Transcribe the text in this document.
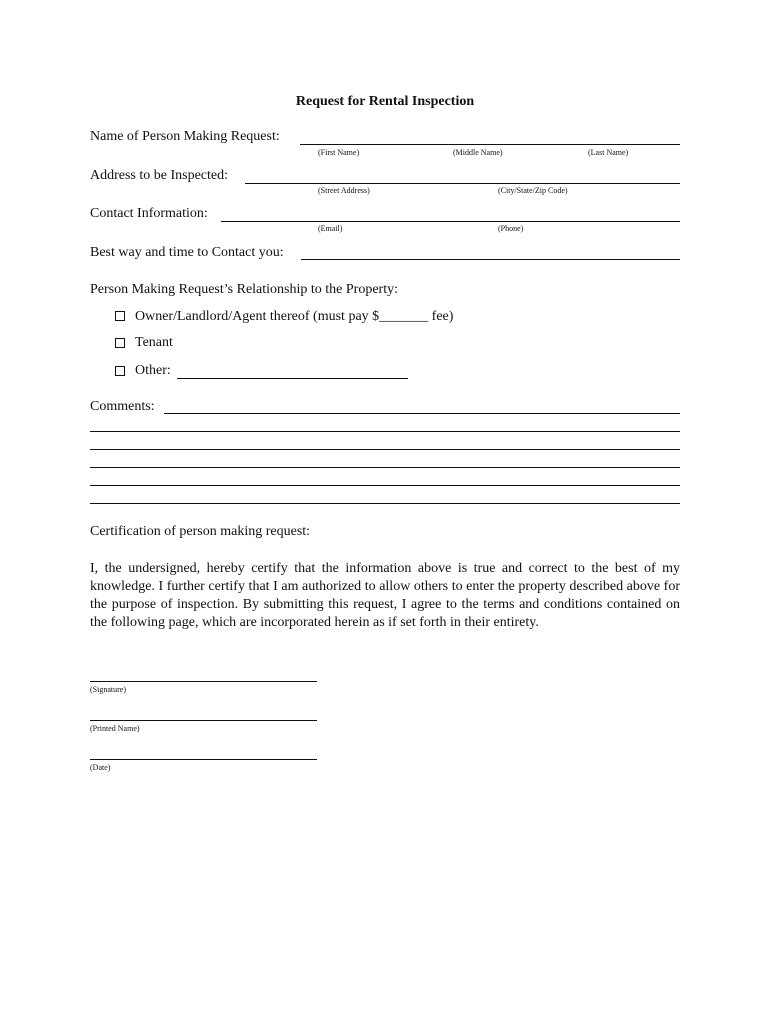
Request for Rental Inspection
Name of Person Making Request:
(First Name)	(Middle Name)	(Last Name)
Address to be Inspected:
(Street Address)	(City/State/Zip Code)
Contact Information:
(Email)	(Phone)
Best way and time to Contact you:
Person Making Request’s Relationship to the Property:
Owner/Landlord/Agent thereof (must pay $_______ fee)
Tenant
Other:
Comments:
Certification of person making request:
I, the undersigned, hereby certify that the information above is true and correct to the best of my knowledge. I further certify that I am authorized to allow others to enter the property described above for the purpose of inspection. By submitting this request, I agree to the terms and conditions contained on the following page, which are incorporated herein as if set forth in their entirety.
(Signature)
(Printed Name)
(Date)
